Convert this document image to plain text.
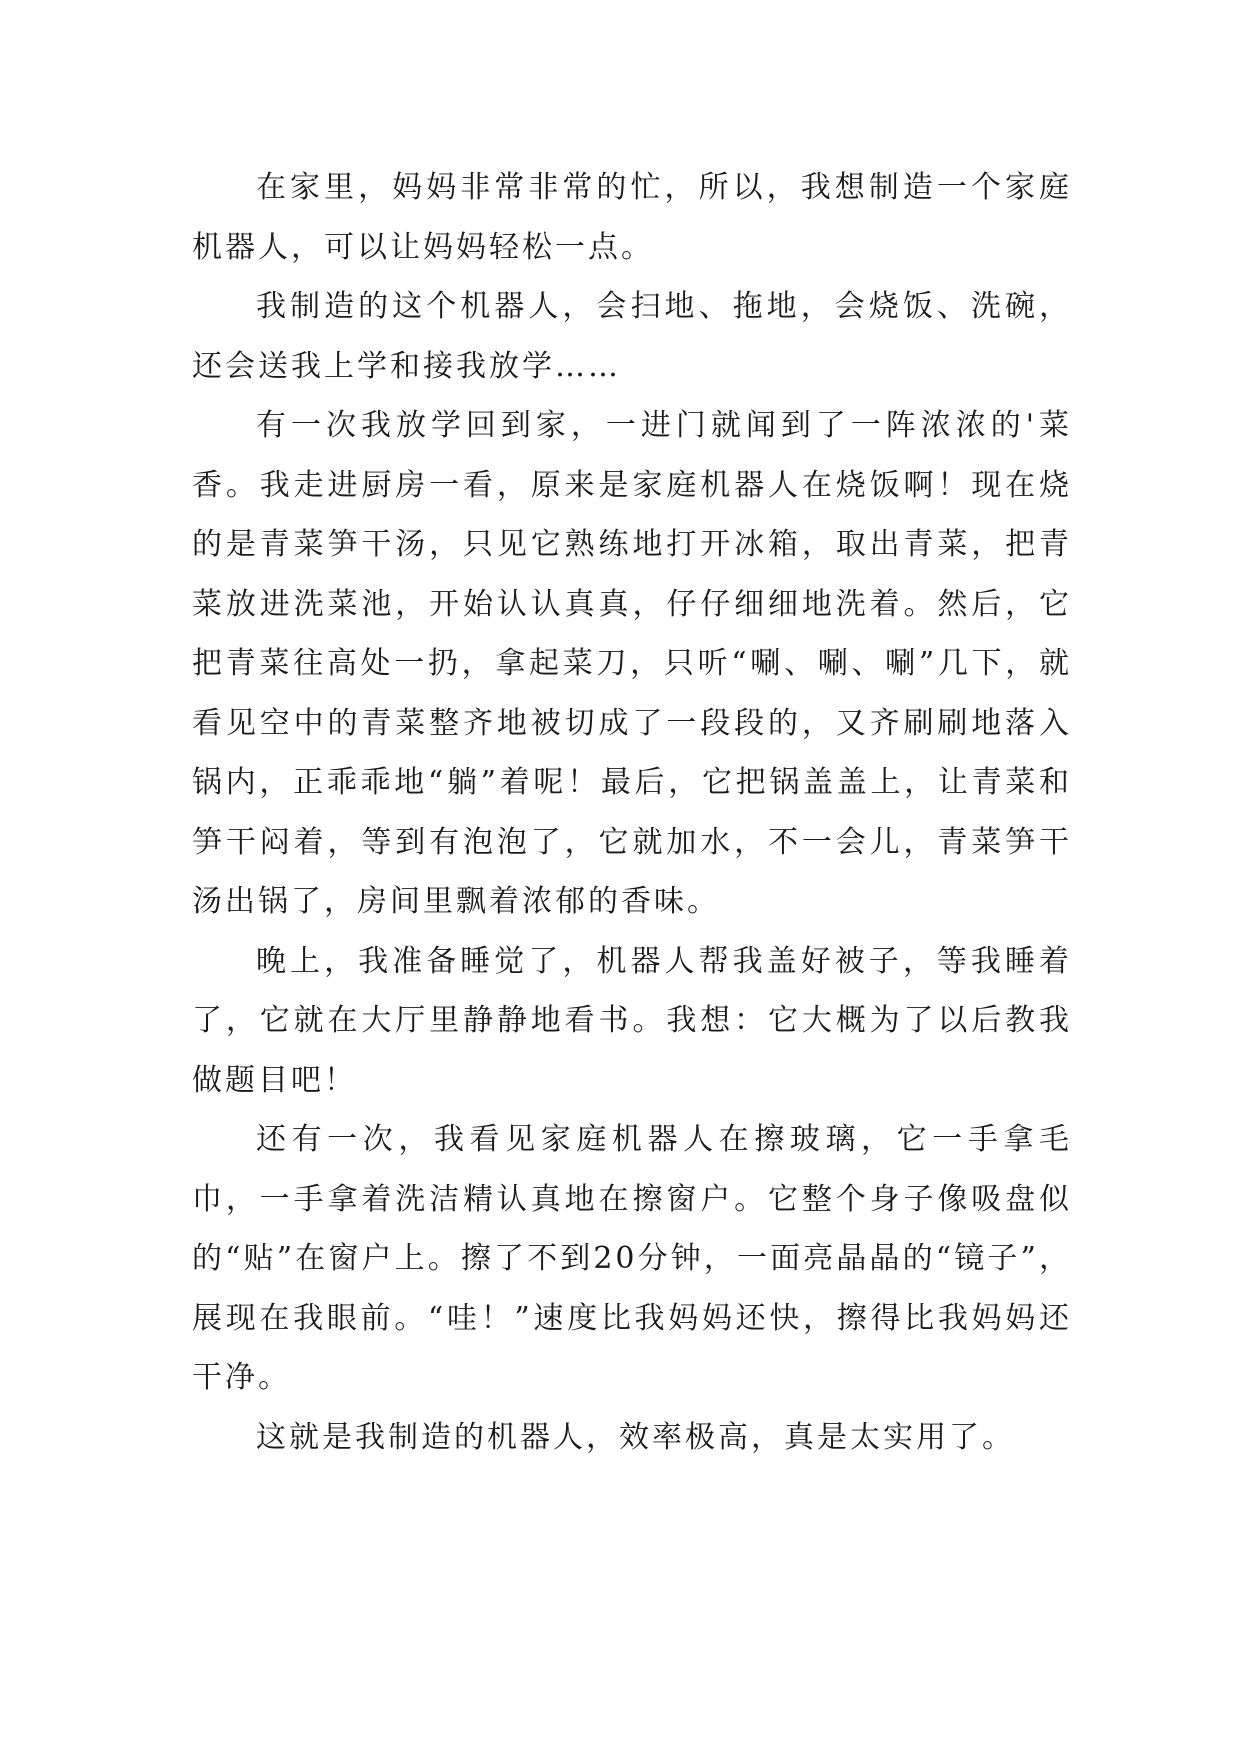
在家里，妈妈非常非常的忙，所以，我想制造一个家庭机器人，可以让妈妈轻松一点。

我制造的这个机器人，会扫地、拖地，会烧饭、洗碗，还会送我上学和接我放学……

有一次我放学回到家，一进门就闻到了一阵浓浓的'菜香。我走进厨房一看，原来是家庭机器人在烧饭啊！现在烧的是青菜笋干汤，只见它熟练地打开冰箱，取出青菜，把青菜放进洗菜池，开始认认真真，仔仔细细地洗着。然后，它把青菜往高处一扔，拿起菜刀，只听“唰、唰、唰”几下，就看见空中的青菜整齐地被切成了一段段的，又齐刷刷地落入锅内，正乖乖地“躺”着呢！最后，它把锅盖盖上，让青菜和笋干闷着，等到有泡泡了，它就加水，不一会儿，青菜笋干汤出锅了，房间里飘着浓郁的香味。

晚上，我准备睡觉了，机器人帮我盖好被子，等我睡着了，它就在大厅里静静地看书。我想：它大概为了以后教我做题目吧！

还有一次，我看见家庭机器人在擦玻璃，它一手拿毛巾，一手拿着洗洁精认真地在擦窗户。它整个身子像吸盘似的“贴”在窗户上。擦了不到20分钟，一面亮晶晶的“镜子”，展现在我眼前。“哇！”速度比我妈妈还快，擦得比我妈妈还干净。

这就是我制造的机器人，效率极高，真是太实用了。
